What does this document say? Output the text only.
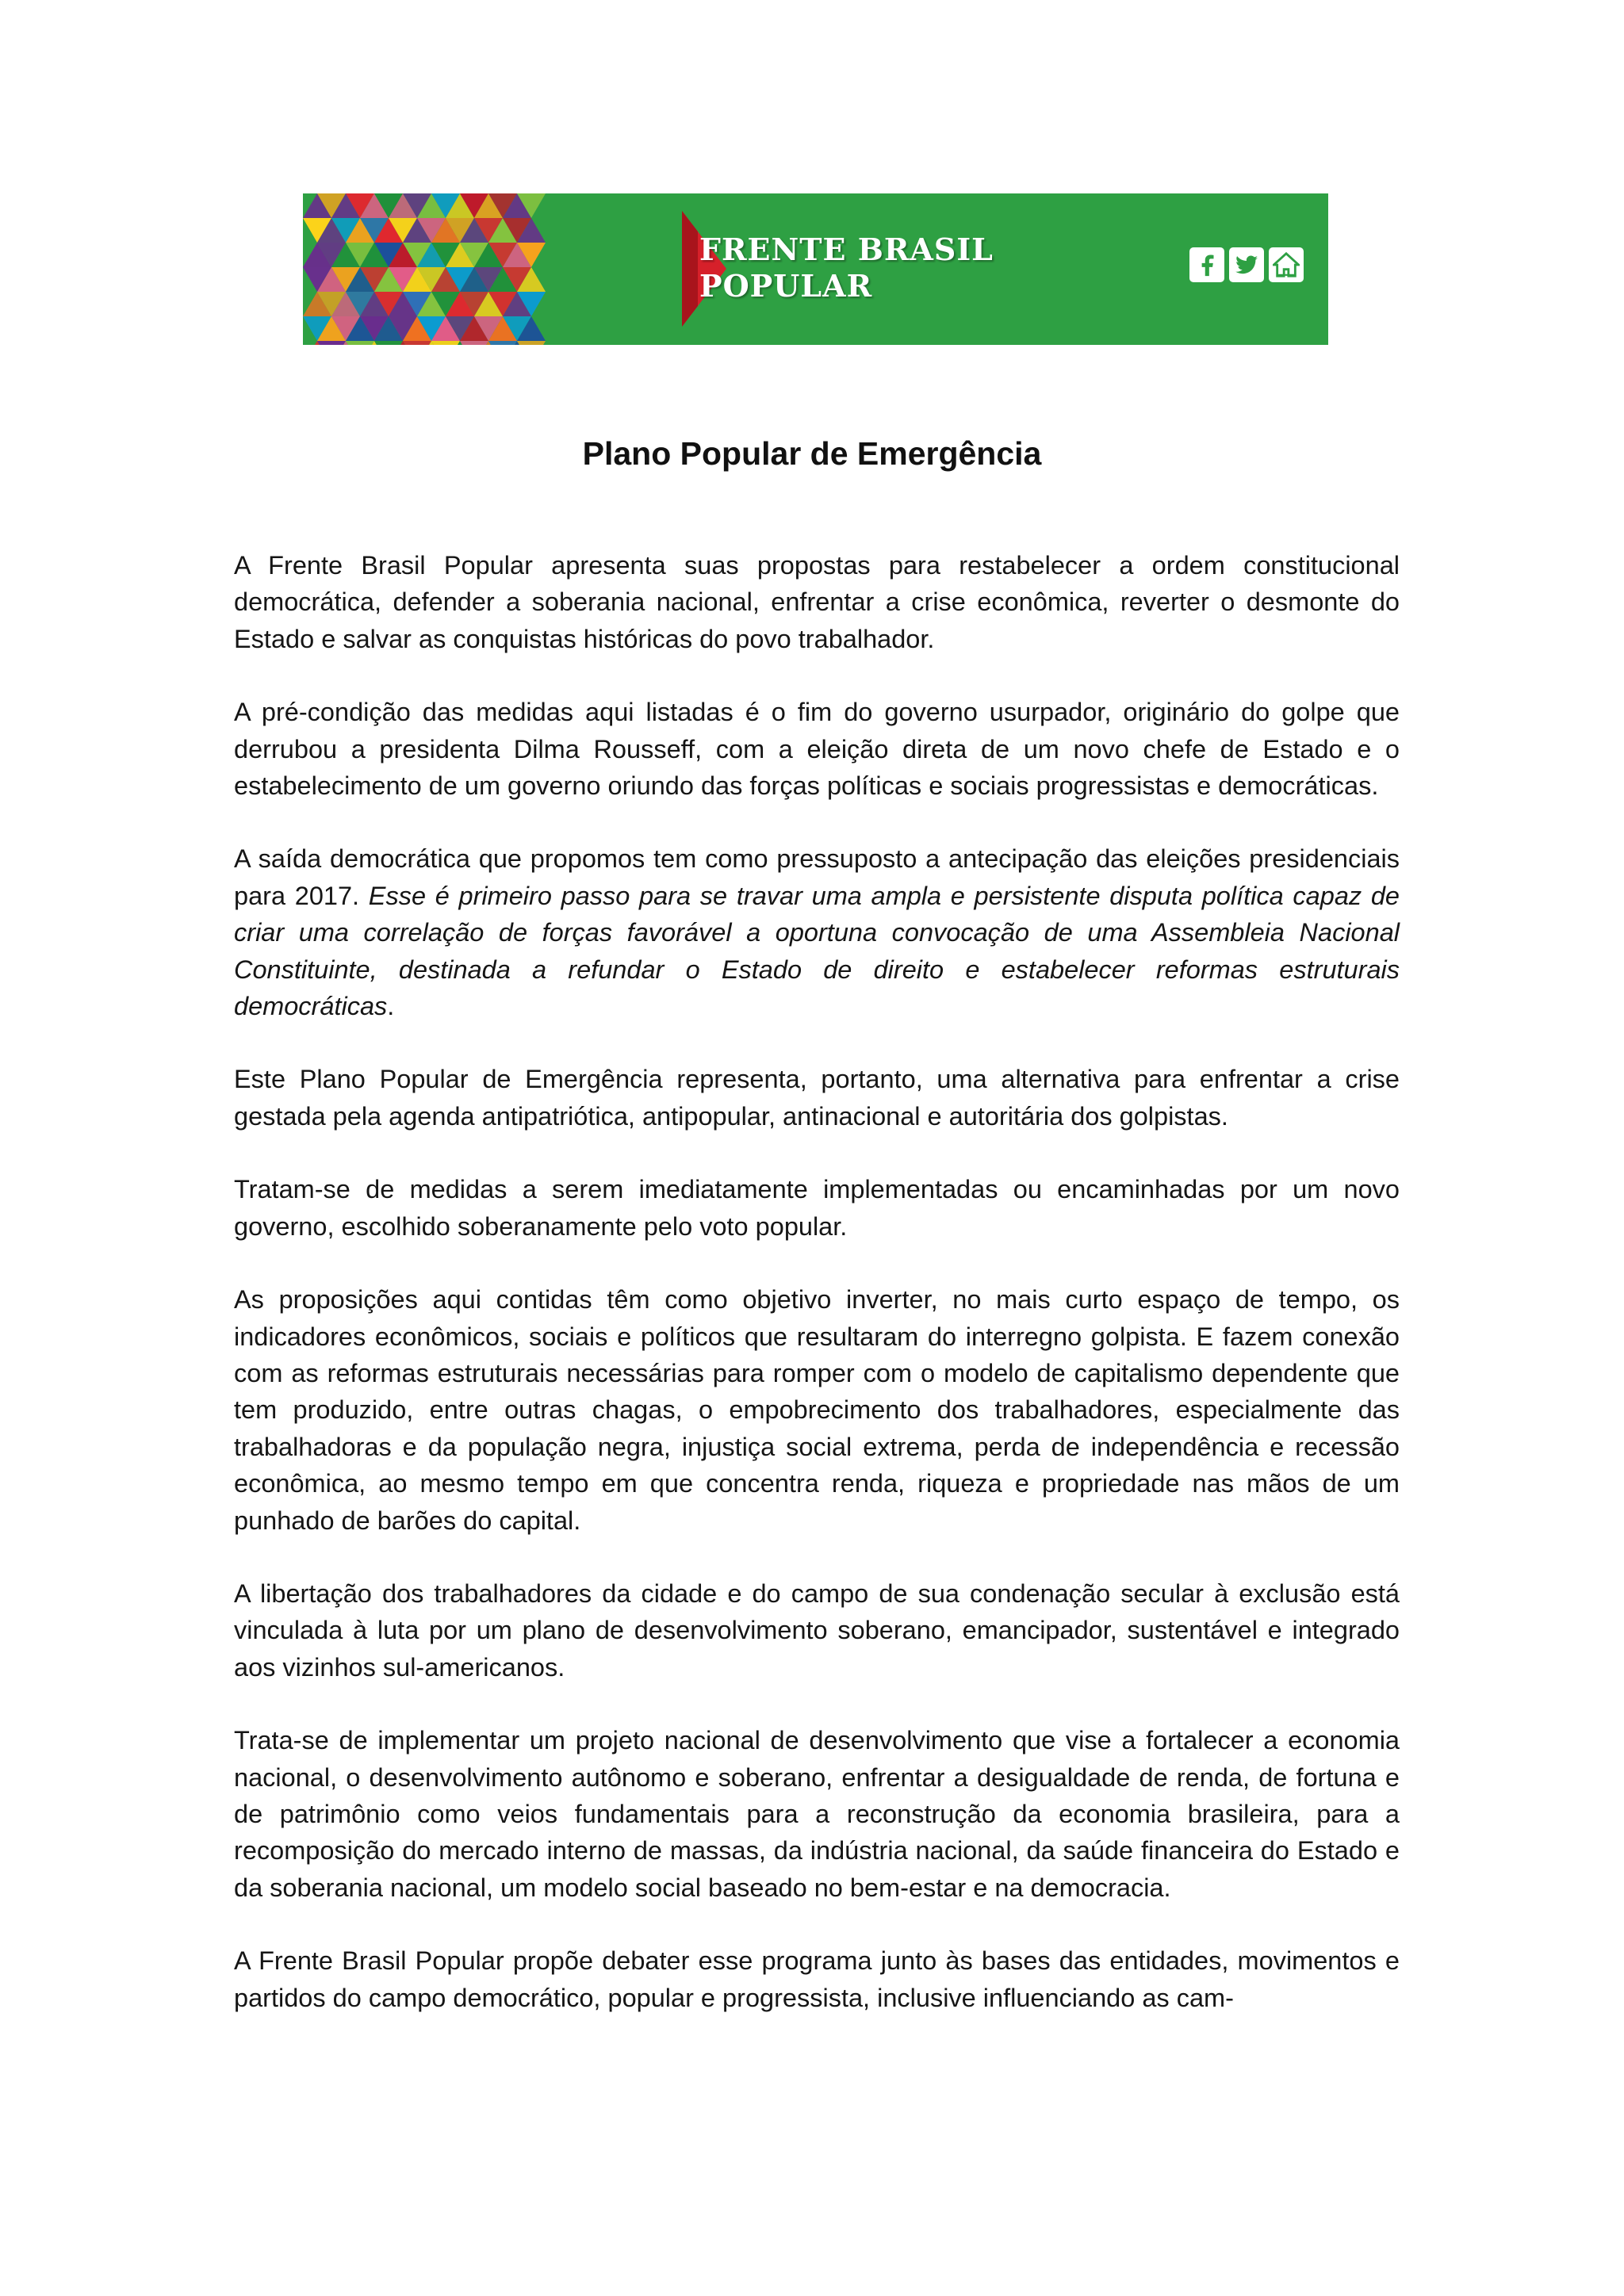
FRENTE BRASIL
POPULAR
Plano Popular de Emergência

A Frente Brasil Popular apresenta suas propostas para restabelecer a ordem constitucional democrática, defender a soberania nacional, enfrentar a crise econômica, reverter o desmonte do Estado e salvar as conquistas históricas do povo trabalhador.

A pré-condição das medidas aqui listadas é o fim do governo usurpador, originário do golpe que derrubou a presidenta Dilma Rousseff, com a eleição direta de um novo chefe de Estado e o estabelecimento de um governo oriundo das forças políticas e sociais progressistas e democráticas.

A saída democrática que propomos tem como pressuposto a antecipação das eleições presidenciais para 2017. Esse é primeiro passo para se travar uma ampla e persistente disputa política capaz de criar uma correlação de forças favorável a oportuna convocação de uma Assembleia Nacional Constituinte, destinada a refundar o Estado de direito e estabelecer reformas estruturais democráticas.

Este Plano Popular de Emergência representa, portanto, uma alternativa para enfrentar a crise gestada pela agenda antipatriótica, antipopular, antinacional e autoritária dos golpistas.

Tratam-se de medidas a serem imediatamente implementadas ou encaminhadas por um novo governo, escolhido soberanamente pelo voto popular.

As proposições aqui contidas têm como objetivo inverter, no mais curto espaço de tempo, os indicadores econômicos, sociais e políticos que resultaram do interregno golpista. E fazem conexão com as reformas estruturais necessárias para romper com o modelo de capitalismo dependente que tem produzido, entre outras chagas, o empobrecimento dos trabalhadores, especialmente das trabalhadoras e da população negra, injustiça social extrema, perda de independência e recessão econômica, ao mesmo tempo em que concentra renda, riqueza e propriedade nas mãos de um punhado de barões do capital.

A libertação dos trabalhadores da cidade e do campo de sua condenação secular à exclusão está vinculada à luta por um plano de desenvolvimento soberano, emancipador, sustentável e integrado aos vizinhos sul-americanos.

Trata-se de implementar um projeto nacional de desenvolvimento que vise a fortalecer a economia nacional, o desenvolvimento autônomo e soberano, enfrentar a desigualdade de renda, de fortuna e de patrimônio como veios fundamentais para a reconstrução da economia brasileira, para a recomposição do mercado interno de massas, da indústria nacional, da saúde financeira do Estado e da soberania nacional, um modelo social baseado no bem-estar e na democracia.

A Frente Brasil Popular propõe debater esse programa junto às bases das entidades, movimentos e partidos do campo democrático, popular e progressista, inclusive influenciando as cam-
